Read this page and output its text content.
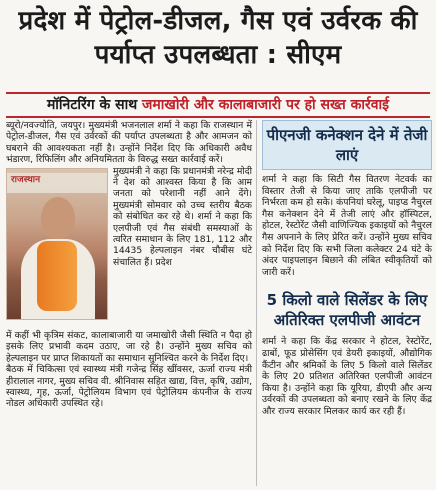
प्रदेश में पेट्रोल-डीजल, गैस एवं उर्वरक की पर्याप्त उपलब्धता : सीएम
मॉनिटरिंग के साथ जमाखोरी और कालाबाजारी पर हो सख्त कार्रवाई

ब्यूरो/नवज्योति, जयपुर। मुख्यमंत्री भजनलाल शर्मा ने कहा कि राजस्थान में पेट्रोल-डीजल, गैस एवं उर्वरकों की पर्याप्त उपलब्धता है और आमजन को घबराने की आवश्यकता नहीं है। उन्होंने निर्देश दिए कि अधिकारी अवैध भंडारण, रिफिलिंग और अनियमितता के विरुद्ध सख्त कार्रवाई करें।

राजस्थान

मुख्यमंत्री ने कहा कि प्रधानमंत्री नरेन्द्र मोदी ने देश को आश्वस्त किया है कि आम जनता को परेशानी नहीं आने देंगे। मुख्यमंत्री सोमवार को उच्च स्तरीय बैठक को संबोधित कर रहे थे। शर्मा ने कहा कि एलपीजी एवं गैस संबंधी समस्याओं के त्वरित समाधान के लिए 181, 112 और 14435 हेल्पलाइन नंबर चौबीस घंटे संचालित हैं। प्रदेश

में कहीं भी कृत्रिम संकट, कालाबाजारी या जमाखोरी जैसी स्थिति न पैदा हो इसके लिए प्रभावी कदम उठाए, जा रहे है। उन्होंने मुख्य सचिव को हेल्पलाइन पर प्राप्त शिकायतों का समाधान सुनिश्चित करने के निर्देश दिए।

बैठक में चिकित्सा एवं स्वास्थ्य मंत्री गजेन्द्र सिंह खींवसर, ऊर्जा राज्य मंत्री हीरालाल नागर, मुख्य सचिव वी. श्रीनिवास सहित खाद्य, वित्त, कृषि, उद्योग, स्वास्थ्य, गृह, ऊर्जा, पेट्रोलियम विभाग एवं पेट्रोलियम कंपनीज के राज्य नोडल अधिकारी उपस्थित रहे।

पीएनजी कनेक्शन देने में तेजी लाएं

शर्मा ने कहा कि सिटी गैस वितरण नेटवर्क का विस्तार तेजी से किया जाए ताकि एलपीजी पर निर्भरता कम हो सके। कंपनियां घरेलू, पाइप्ड नैचुरल गैस कनेक्शन देने में तेजी लाएं और हॉस्पिटल, होटल, रेस्टोरेंट जैसी वाणिज्यिक इकाइयों को नैचुरल गैस अपनाने के लिए प्रेरित करें। उन्होंने मुख्य सचिव को निर्देश दिए कि सभी जिला कलेक्टर 24 घंटे के अंदर पाइपलाइन बिछाने की लंबित स्वीकृतियों को जारी करें।

5 किलो वाले सिलेंडर के लिए अतिरिक्त एलपीजी आवंटन

शर्मा ने कहा कि केंद्र सरकार ने होटल, रेस्टोरेंट, ढाबों, फूड प्रोसेसिंग एवं डेयरी इकाइयों, औद्योगिक कैंटीन और श्रमिकों के लिए 5 किलो वाले सिलेंडर के लिए 20 प्रतिशत अतिरिक्त एलपीजी आवंटन किया है। उन्होंने कहा कि यूरिया, डीएपी और अन्य उर्वरकों की उपलब्धता को बनाए रखने के लिए केंद्र और राज्य सरकार मिलकर कार्य कर रही हैं।
